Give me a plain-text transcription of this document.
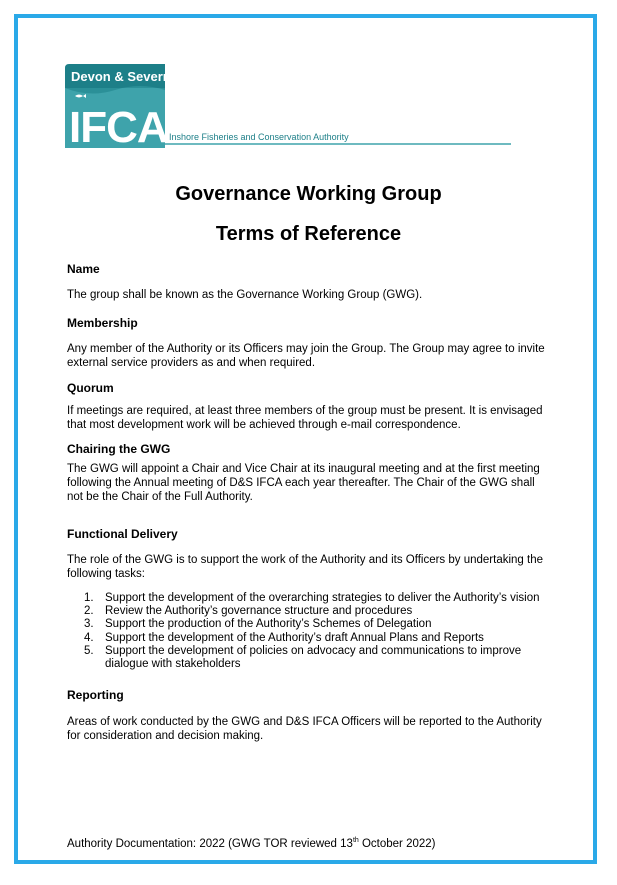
Devon & Severn
IFCA Inshore Fisheries and Conservation Authority
Governance Working Group
Terms of Reference

Name

The group shall be known as the Governance Working Group (GWG).

Membership

Any member of the Authority or its Officers may join the Group. The Group may agree to invite

external service providers as and when required.

Quorum

If meetings are required, at least three members of the group must be present. It is envisaged

that most development work will be achieved through e-mail correspondence.

Chairing the GWG

The GWG will appoint a Chair and Vice Chair at its inaugural meeting and at the first meeting

following the Annual meeting of D&S IFCA each year thereafter. The Chair of the GWG shall

not be the Chair of the Full Authority.

Functional Delivery

The role of the GWG is to support the work of the Authority and its Officers by undertaking the

following tasks:

1. Support the development of the overarching strategies to deliver the Authority’s vision
2. Review the Authority’s governance structure and procedures
3. Support the production of the Authority’s Schemes of Delegation
4. Support the development of the Authority’s draft Annual Plans and Reports
5. Support the development of policies on advocacy and communications to improve dialogue with stakeholders

Reporting

Areas of work conducted by the GWG and D&S IFCA Officers will be reported to the Authority

for consideration and decision making.

Authority Documentation: 2022 (GWG TOR reviewed 13th October 2022)
